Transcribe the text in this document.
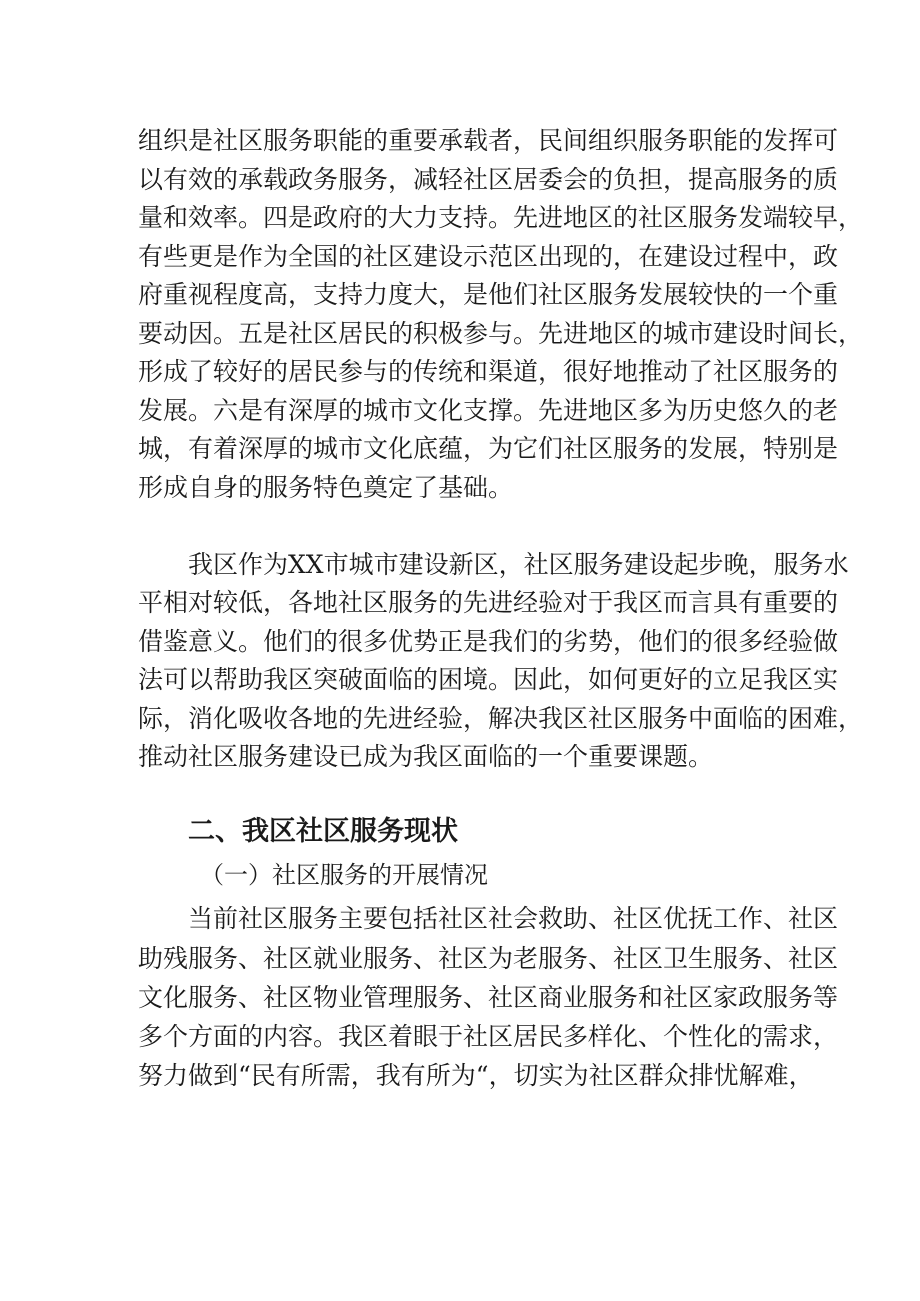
组织是社区服务职能的重要承载者，民间组织服务职能的发挥可
以有效的承载政务服务，减轻社区居委会的负担，提高服务的质
量和效率。四是政府的大力支持。先进地区的社区服务发端较早，
有些更是作为全国的社区建设示范区出现的，在建设过程中，政
府重视程度高，支持力度大，是他们社区服务发展较快的一个重
要动因。五是社区居民的积极参与。先进地区的城市建设时间长，
形成了较好的居民参与的传统和渠道，很好地推动了社区服务的
发展。六是有深厚的城市文化支撑。先进地区多为历史悠久的老
城，有着深厚的城市文化底蕴，为它们社区服务的发展，特别是
形成自身的服务特色奠定了基础。
我区作为XX市城市建设新区，社区服务建设起步晚，服务水
平相对较低，各地社区服务的先进经验对于我区而言具有重要的
借鉴意义。他们的很多优势正是我们的劣势，他们的很多经验做
法可以帮助我区突破面临的困境。因此，如何更好的立足我区实
际，消化吸收各地的先进经验，解决我区社区服务中面临的困难，
推动社区服务建设已成为我区面临的一个重要课题。
二、我区社区服务现状
（一）社区服务的开展情况
当前社区服务主要包括社区社会救助、社区优抚工作、社区
助残服务、社区就业服务、社区为老服务、社区卫生服务、社区
文化服务、社区物业管理服务、社区商业服务和社区家政服务等
多个方面的内容。我区着眼于社区居民多样化、个性化的需求，
努力做到“民有所需，我有所为“，切实为社区群众排忧解难，
